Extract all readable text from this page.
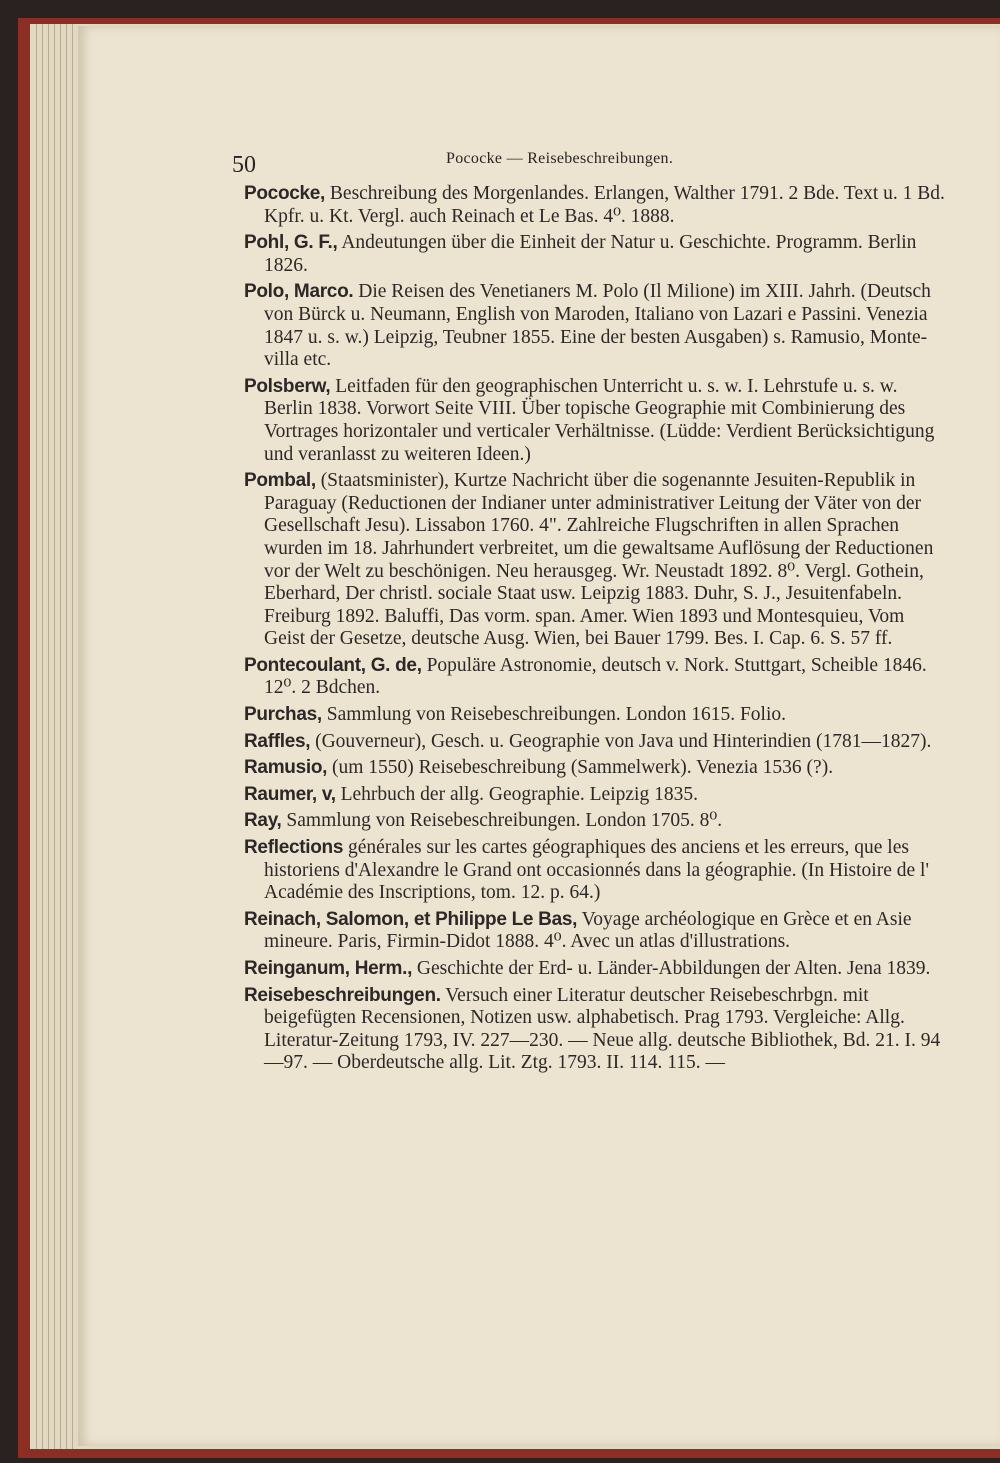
50	Pococke — Reisebeschreibungen.

Pococke, Beschreibung des Morgenlandes. Erlangen, Walther 1791. 2 Bde. Text u. 1 Bd. Kpfr. u. Kt. Vergl. auch Reinach et Le Bas. 4⁰. 1888.

Pohl, G. F., Andeutungen über die Einheit der Natur u. Geschichte. Programm. Berlin 1826.

Polo, Marco. Die Reisen des Venetianers M. Polo (Il Milione) im XIII. Jahrh. (Deutsch von Bürck u. Neumann, English von Maroden, Italiano von Lazari e Passini. Venezia 1847 u. s. w.) Leipzig, Teubner 1855. Eine der besten Ausgaben) s. Ramusio, Monte-villa etc.

Polsberw, Leitfaden für den geographischen Unterricht u. s. w. I. Lehrstufe u. s. w. Berlin 1838. Vorwort Seite VIII. Über topische Geographie mit Combinierung des Vortrages horizontaler und verticaler Verhältnisse. (Lüdde: Verdient Berücksichtigung und veranlasst zu weiteren Ideen.)

Pombal, (Staatsminister), Kurtze Nachricht über die sogenannte Jesuiten-Republik in Paraguay (Reductionen der Indianer unter administrativer Leitung der Väter von der Gesellschaft Jesu). Lissabon 1760. 4". Zahlreiche Flugschriften in allen Sprachen wurden im 18. Jahrhundert verbreitet, um die gewaltsame Auflösung der Reductionen vor der Welt zu beschönigen. Neu herausgeg. Wr. Neustadt 1892. 8⁰. Vergl. Gothein, Eberhard, Der christl. sociale Staat usw. Leipzig 1883. Duhr, S. J., Jesuitenfabeln. Freiburg 1892. Baluffi, Das vorm. span. Amer. Wien 1893 und Montesquieu, Vom Geist der Gesetze, deutsche Ausg. Wien, bei Bauer 1799. Bes. I. Cap. 6. S. 57 ff.

Pontecoulant, G. de, Populäre Astronomie, deutsch v. Nork. Stuttgart, Scheible 1846. 12⁰. 2 Bdchen.

Purchas, Sammlung von Reisebeschreibungen. London 1615. Folio.

Raffles, (Gouverneur), Gesch. u. Geographie von Java und Hinterindien (1781—1827).

Ramusio, (um 1550) Reisebeschreibung (Sammelwerk). Venezia 1536 (?).

Raumer, v, Lehrbuch der allg. Geographie. Leipzig 1835.

Ray, Sammlung von Reisebeschreibungen. London 1705. 8⁰.

Reflections générales sur les cartes géographiques des anciens et les erreurs, que les historiens d'Alexandre le Grand ont occasionnés dans la géographie. (In Histoire de l' Académie des Inscriptions, tom. 12. p. 64.)

Reinach, Salomon, et Philippe Le Bas, Voyage archéologique en Grèce et en Asie mineure. Paris, Firmin-Didot 1888. 4⁰. Avec un atlas d'illustrations.

Reinganum, Herm., Geschichte der Erd- u. Länder-Abbildungen der Alten. Jena 1839.

Reisebeschreibungen. Versuch einer Literatur deutscher Reisebeschrbgn. mit beigefügten Recensionen, Notizen usw. alphabetisch. Prag 1793. Vergleiche: Allg. Literatur-Zeitung 1793, IV. 227—230. — Neue allg. deutsche Bibliothek, Bd. 21. I. 94—97. — Oberdeutsche allg. Lit. Ztg. 1793. II. 114. 115. —
